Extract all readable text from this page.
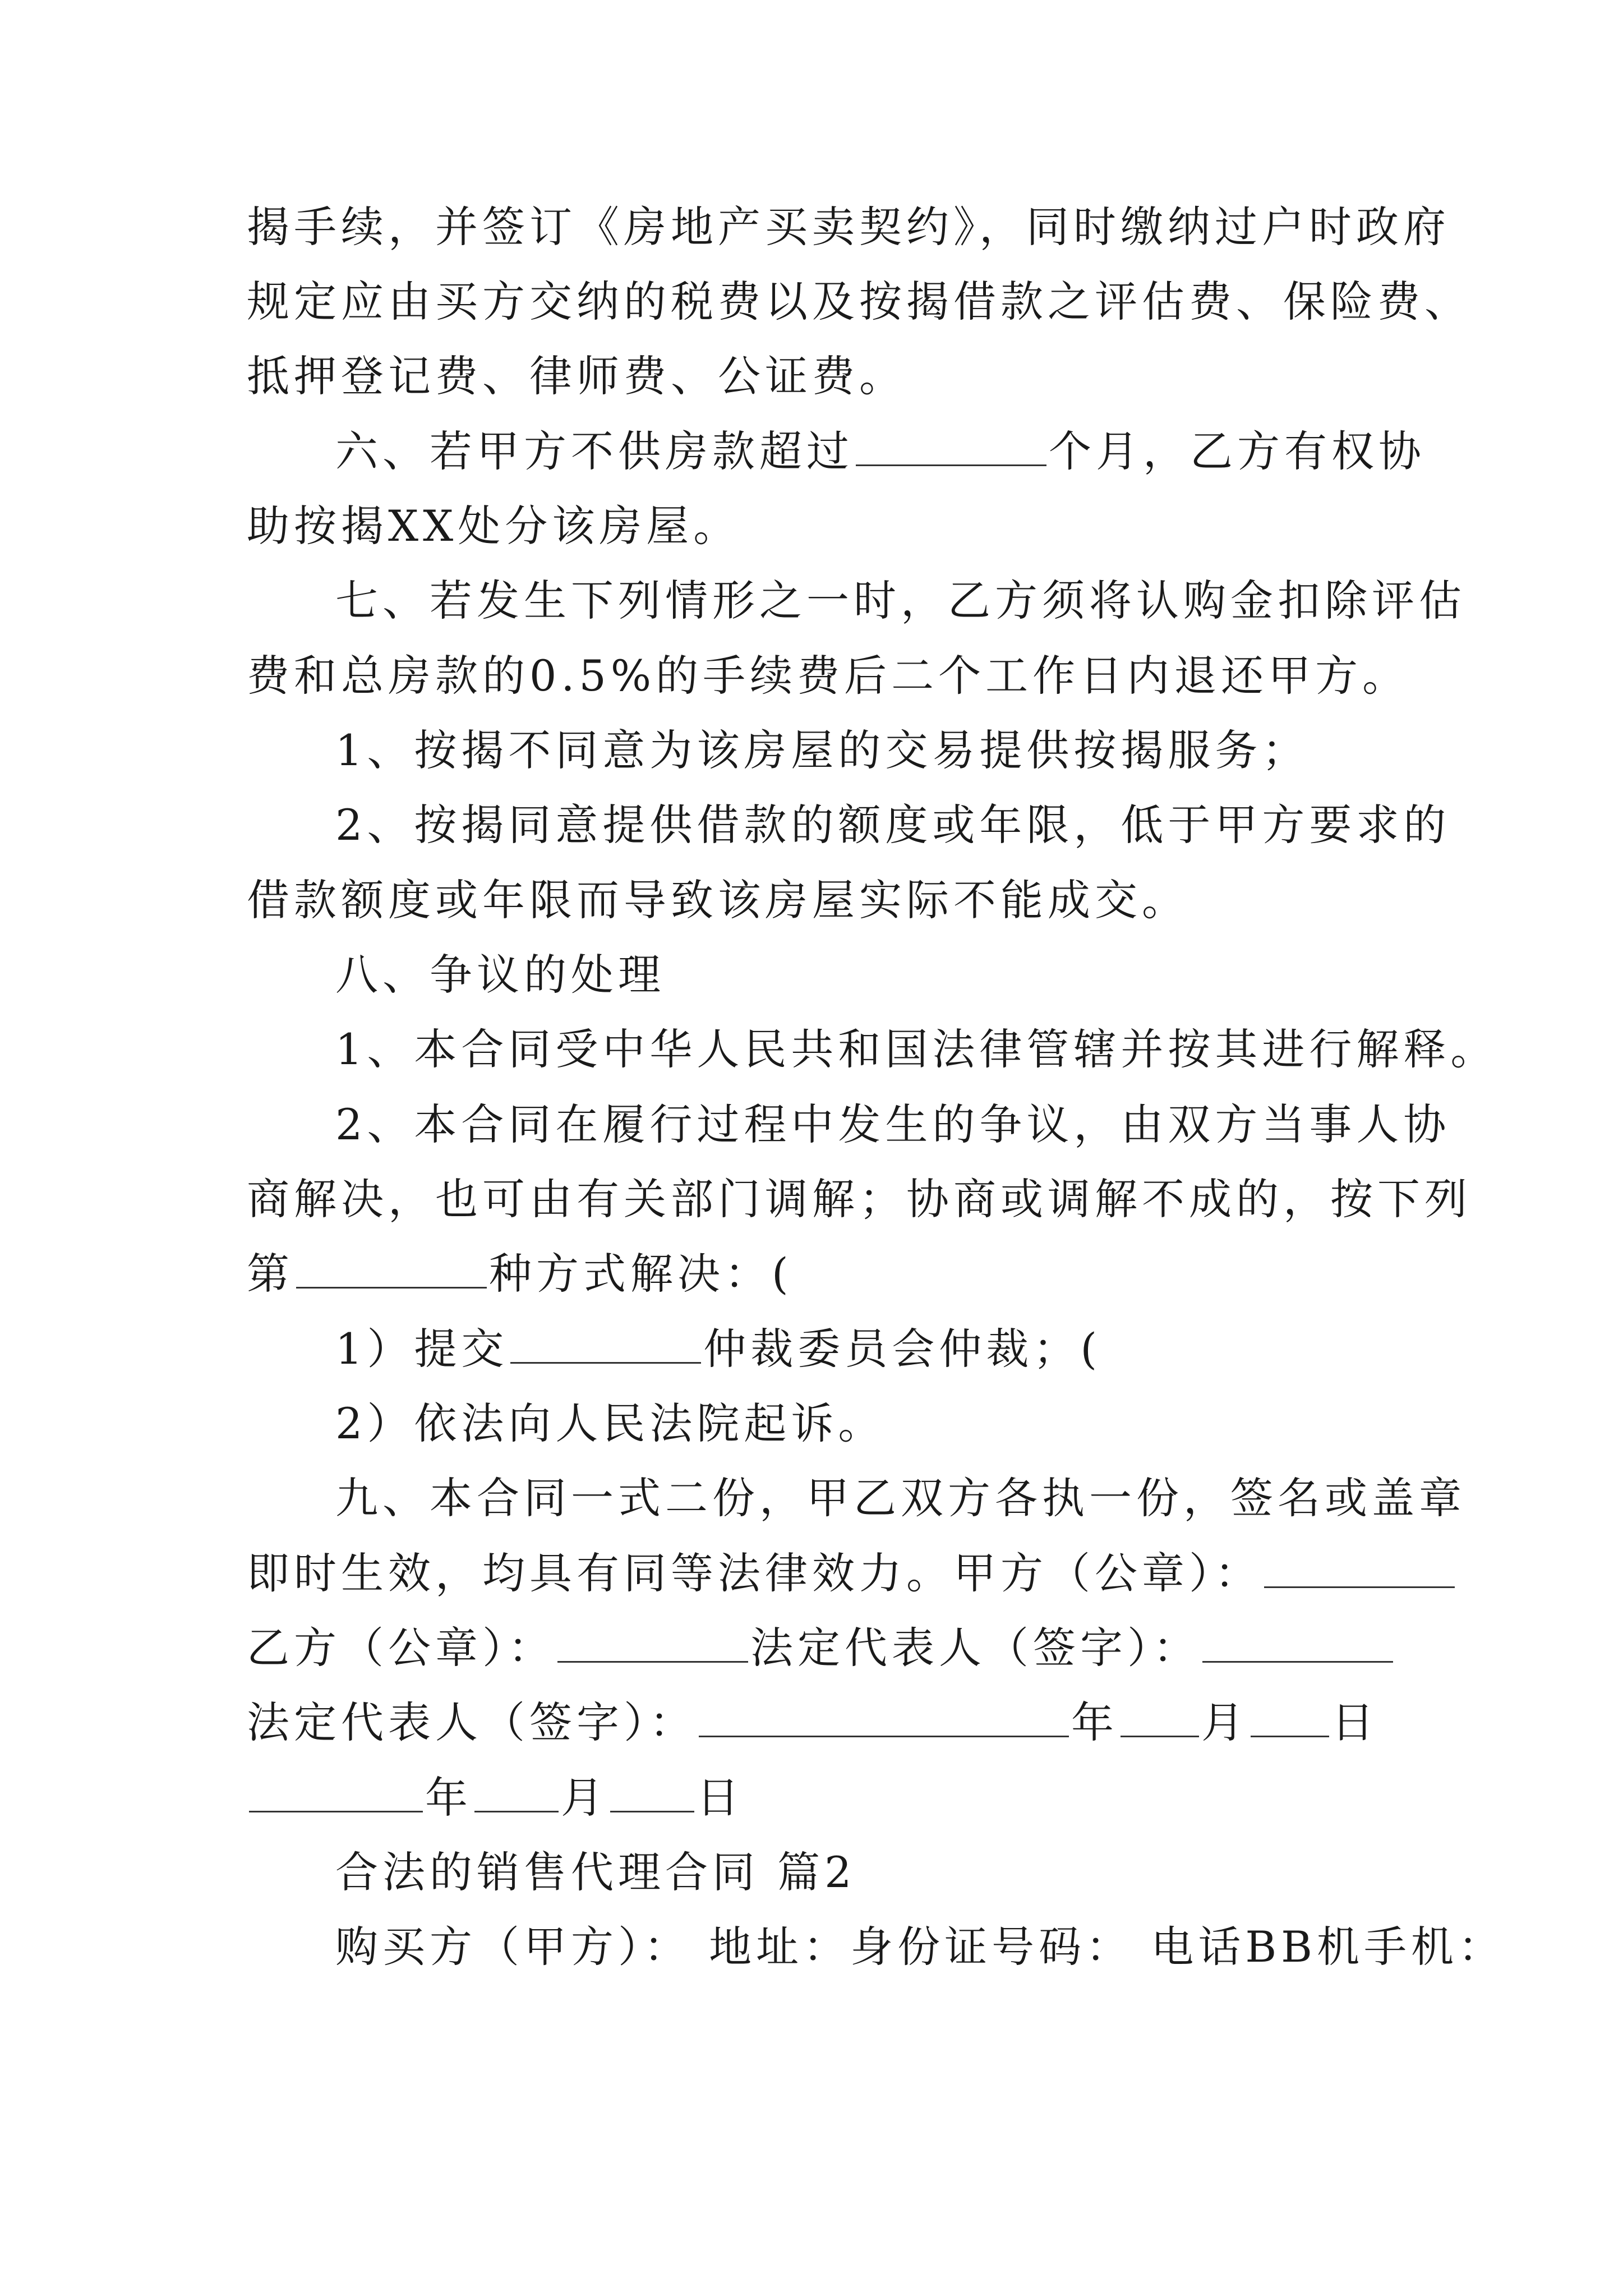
揭手续，并签订《房地产买卖契约》，同时缴纳过户时政府
规定应由买方交纳的税费以及按揭借款之评估费、保险费、
抵押登记费、律师费、公证费。
六、若甲方不供房款超过	个月，乙方有权协
助按揭XX处分该房屋。
七、若发生下列情形之一时，乙方须将认购金扣除评估
费和总房款的0.5%的手续费后二个工作日内退还甲方。
1、按揭不同意为该房屋的交易提供按揭服务；
2、按揭同意提供借款的额度或年限，低于甲方要求的
借款额度或年限而导致该房屋实际不能成交。
八、争议的处理
1、本合同受中华人民共和国法律管辖并按其进行解释。
2、本合同在履行过程中发生的争议，由双方当事人协
商解决，也可由有关部门调解；协商或调解不成的，按下列
第	种方式解决：(
1）提交	仲裁委员会仲裁；(
2）依法向人民法院起诉。
九、本合同一式二份，甲乙双方各执一份，签名或盖章
即时生效，均具有同等法律效力。甲方（公章）：
乙方（公章）：	法定代表人（签字）：
法定代表人（签字）：	年 月 日
年 月 日
合法的销售代理合同 篇2
购买方（甲方）： 地址：身份证号码： 电话BB机手机：
